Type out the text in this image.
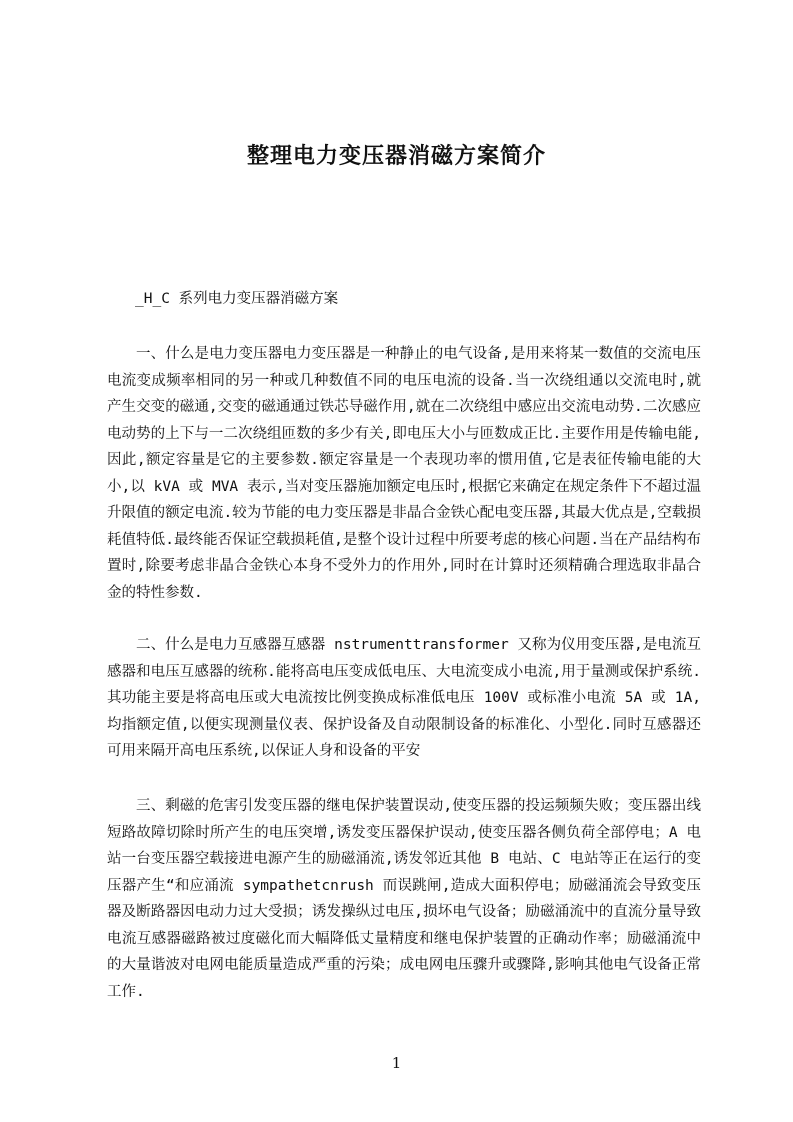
整理电力变压器消磁方案简介
_H_C 系列电力变压器消磁方案
一、什么是电力变压器电力变压器是一种静止的电气设备,是用来将某一数值的交流电压电流变成频率相同的另一种或几种数值不同的电压电流的设备.当一次绕组通以交流电时,就产生交变的磁通,交变的磁通通过铁芯导磁作用,就在二次绕组中感应出交流电动势.二次感应电动势的上下与一二次绕组匝数的多少有关,即电压大小与匝数成正比.主要作用是传输电能,因此,额定容量是它的主要参数.额定容量是一个表现功率的惯用值,它是表征传输电能的大小,以 kVA 或 MVA 表示,当对变压器施加额定电压时,根据它来确定在规定条件下不超过温升限值的额定电流.较为节能的电力变压器是非晶合金铁心配电变压器,其最大优点是,空载损耗值特低.最终能否保证空载损耗值,是整个设计过程中所要考虑的核心问题.当在产品结构布置时,除要考虑非晶合金铁心本身不受外力的作用外,同时在计算时还须精确合理选取非晶合金的特性参数.
二、什么是电力互感器互感器 nstrumenttransformer 又称为仪用变压器,是电流互感器和电压互感器的统称.能将高电压变成低电压、大电流变成小电流,用于量测或保护系统.其功能主要是将高电压或大电流按比例变换成标准低电压 100V 或标准小电流 5A 或 1A,均指额定值,以便实现测量仪表、保护设备及自动限制设备的标准化、小型化.同时互感器还可用来隔开高电压系统,以保证人身和设备的平安
三、剩磁的危害引发变压器的继电保护装置误动,使变压器的投运频频失败；变压器出线短路故障切除时所产生的电压突增,诱发变压器保护误动,使变压器各侧负荷全部停电；A 电站一台变压器空载接进电源产生的励磁涌流,诱发邻近其他 B 电站、C 电站等正在运行的变压器产生“和应涌流 sympathetcnrush 而误跳闸,造成大面积停电；励磁涌流会导致变压器及断路器因电动力过大受损；诱发操纵过电压,损坏电气设备；励磁涌流中的直流分量导致电流互感器磁路被过度磁化而大幅降低丈量精度和继电保护装置的正确动作率；励磁涌流中的大量谐波对电网电能质量造成严重的污染；成电网电压骤升或骤降,影响其他电气设备正常工作.
1
